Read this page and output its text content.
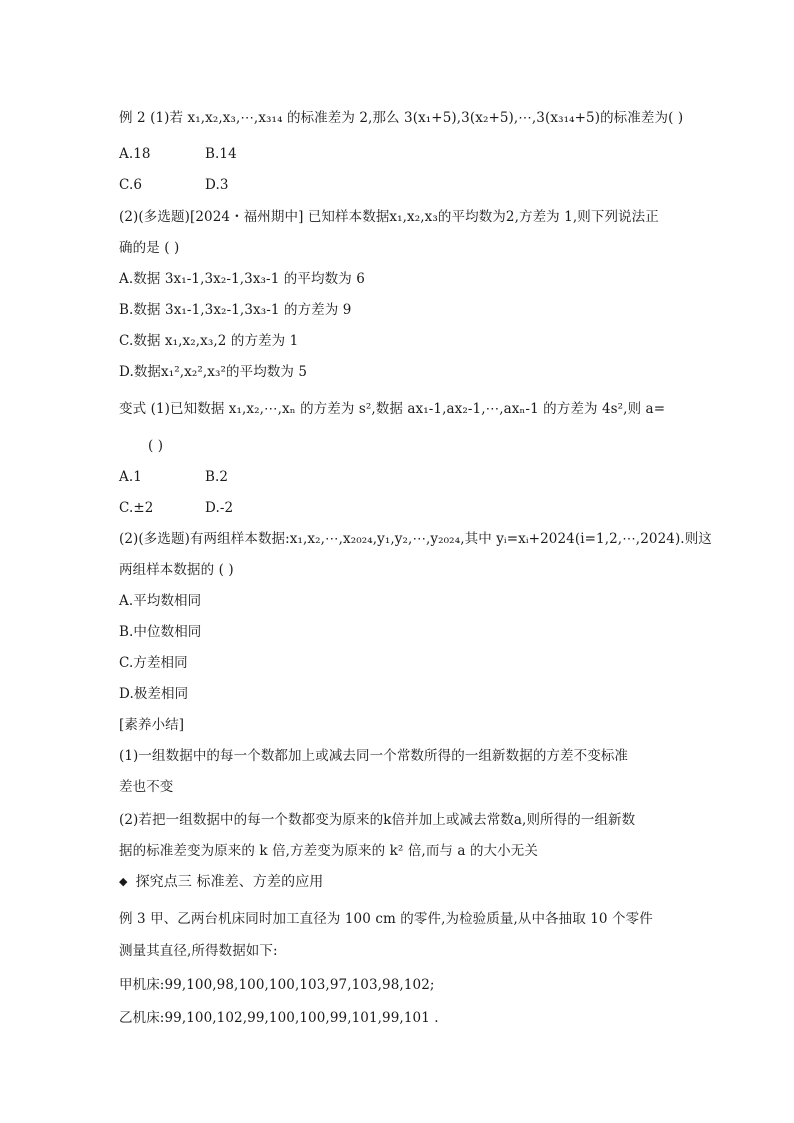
例 2 (1)若 x₁,x₂,x₃,⋯,x₃₁₄ 的标准差为 2,那么 3(x₁+5),3(x₂+5),⋯,3(x₃₁₄+5)的标准差为( )
A.18	B.14
C.6	D.3
(2)(多选题)[2024・福州期中] 已知样本数据x₁,x₂,x₃的平均数为2,方差为 1,则下列说法正
确的是 ( )
A.数据 3x₁-1,3x₂-1,3x₃-1 的平均数为 6
B.数据 3x₁-1,3x₂-1,3x₃-1 的方差为 9
C.数据 x₁,x₂,x₃,2 的方差为 1
D.数据x₁²,x₂²,x₃²的平均数为 5
变式 (1)已知数据 x₁,x₂,⋯,xₙ 的方差为 s²,数据 ax₁-1,ax₂-1,⋯,axₙ-1 的方差为 4s²,则 a=
( )
A.1	B.2
C.±2	D.-2
(2)(多选题)有两组样本数据:x₁,x₂,⋯,x₂₀₂₄,y₁,y₂,⋯,y₂₀₂₄,其中 yᵢ=xᵢ+2024(i=1,2,⋯,2024).则这
两组样本数据的 ( )
A.平均数相同
B.中位数相同
C.方差相同
D.极差相同
[素养小结]
(1)一组数据中的每一个数都加上或减去同一个常数所得的一组新数据的方差不变标准
差也不变
(2)若把一组数据中的每一个数都变为原来的k倍并加上或减去常数a,则所得的一组新数
据的标准差变为原来的 k 倍,方差变为原来的 k² 倍,而与 a 的大小无关
◆ 探究点三 标准差、方差的应用
例 3 甲、乙两台机床同时加工直径为 100 cm 的零件,为检验质量,从中各抽取 10 个零件
测量其直径,所得数据如下:
甲机床:99,100,98,100,100,103,97,103,98,102;
乙机床:99,100,102,99,100,100,99,101,99,101 .
